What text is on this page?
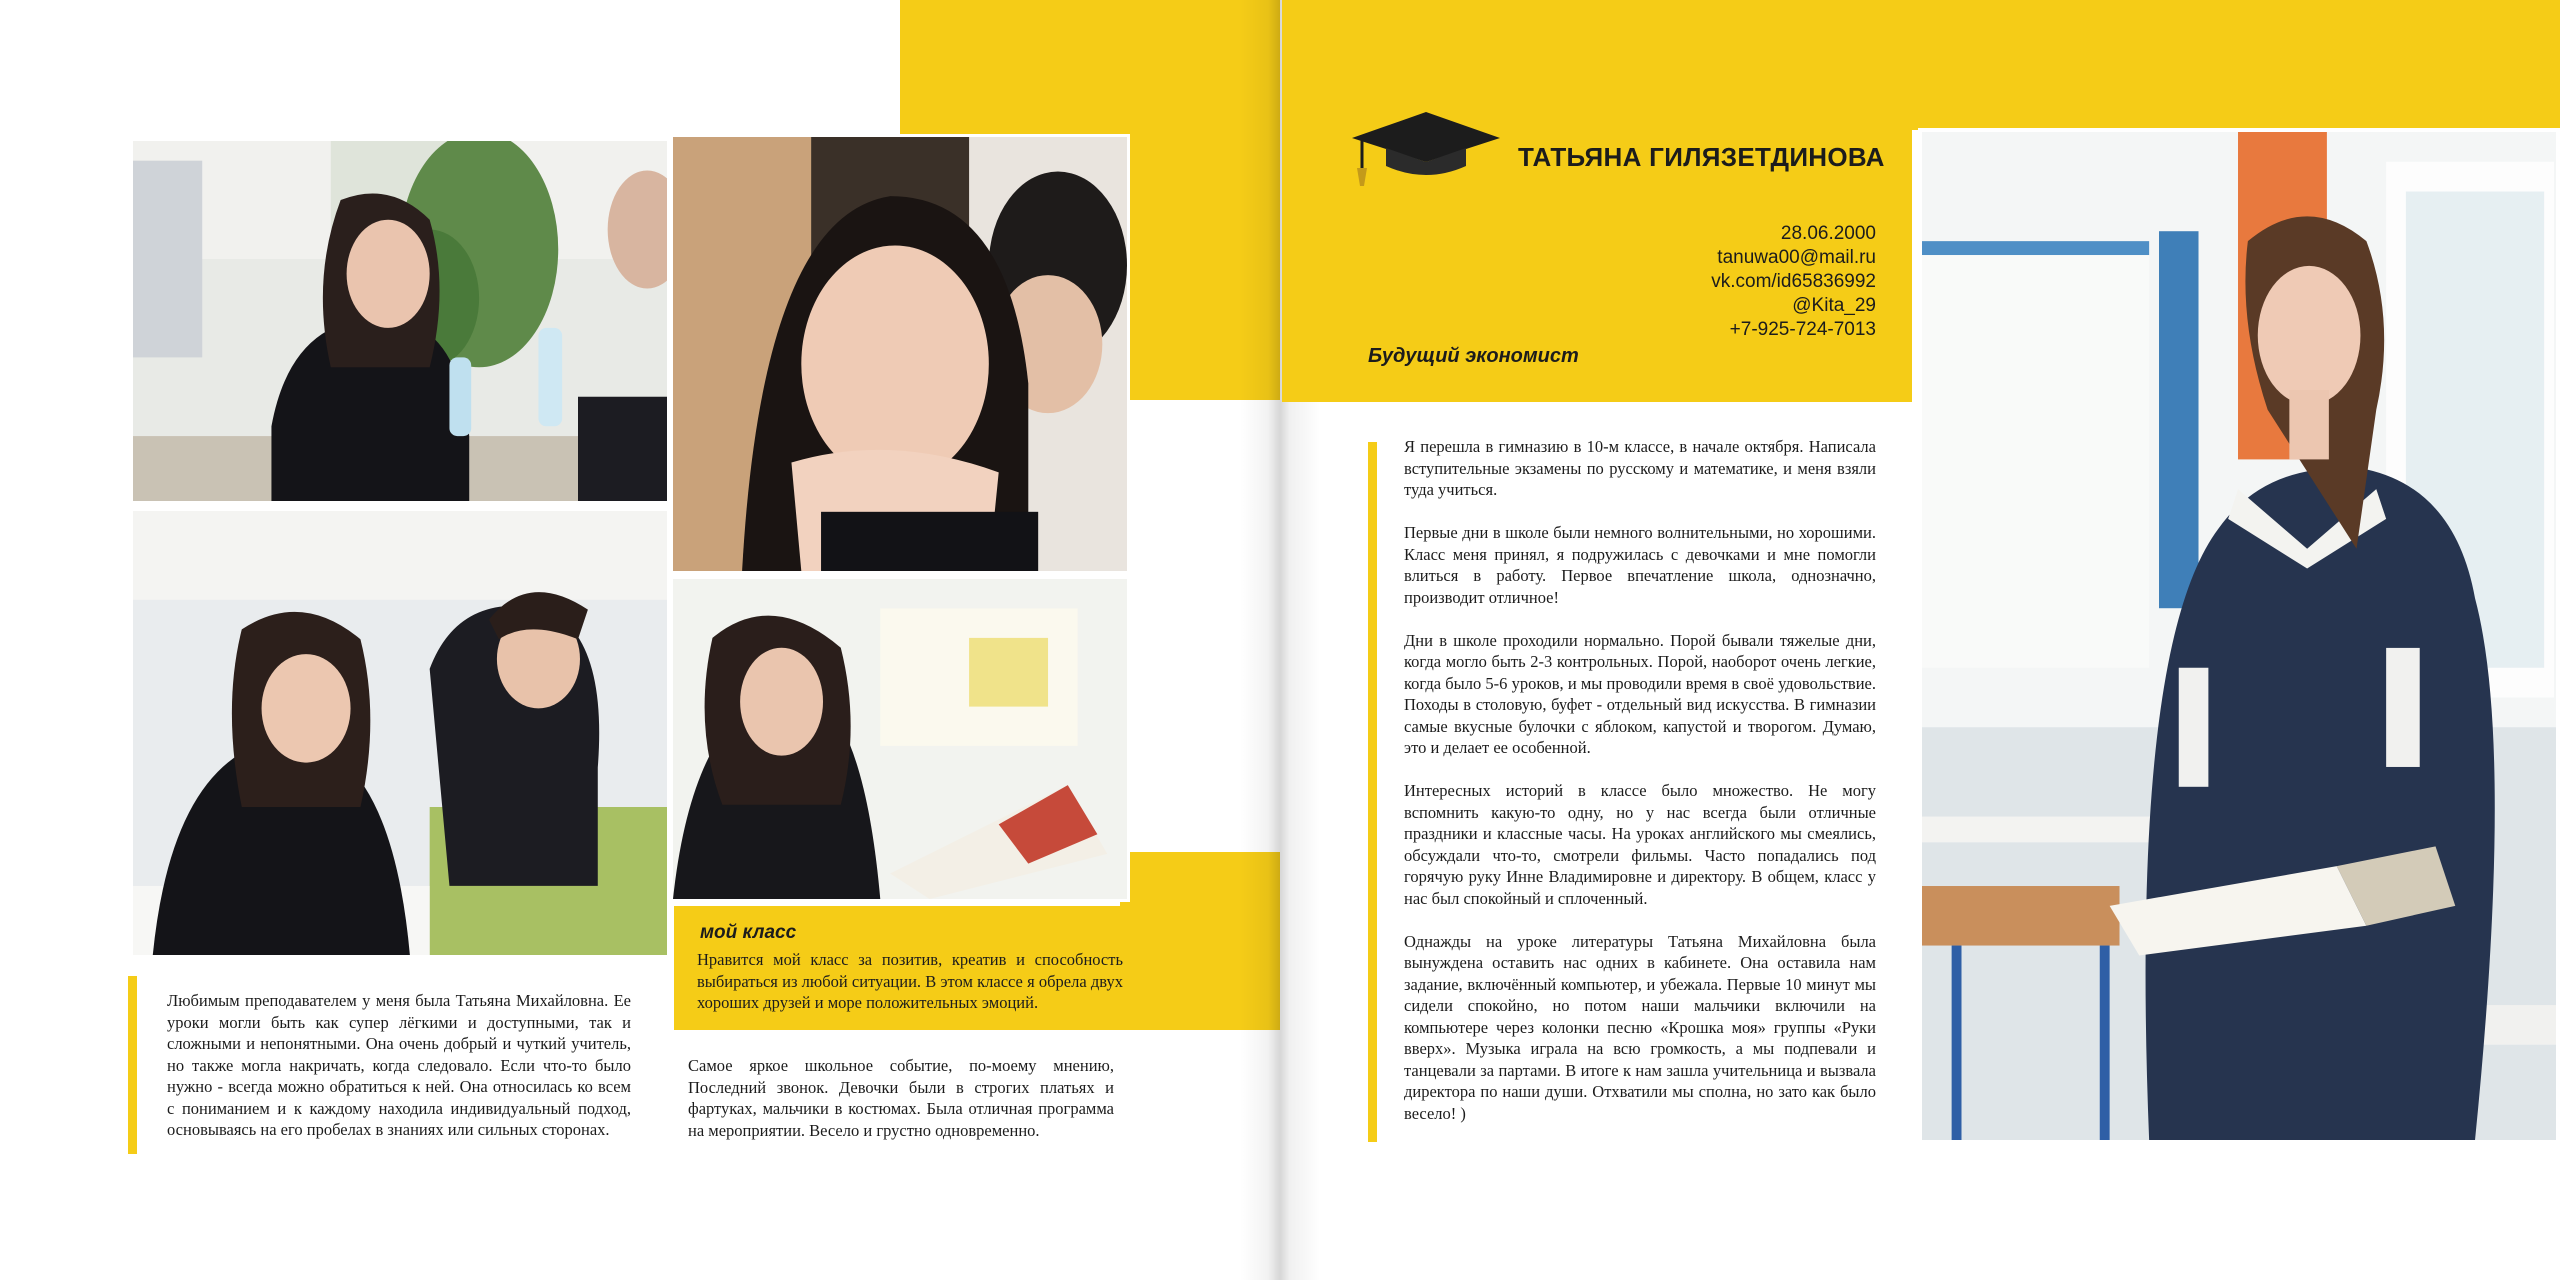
Любимым преподавателем у меня была Татьяна Михайловна. Ее уроки могли быть как супер лёгкими и доступными, так и сложными и непонятными. Она очень добрый и чуткий учитель, но также могла накричать, когда следовало. Если что-то было нужно - всегда можно обратиться к ней. Она относилась ко всем с пониманием и к каждому находила индивидуальный подход, основываясь на его пробелах в знаниях или сильных сторонах.

мой класс

Нравится мой класс за позитив, креатив и способность выбираться из любой ситуации. В этом классе я обрела двух хороших друзей и море положительных эмоций.

Самое яркое школьное событие, по-моему мнению, Последний звонок. Девочки были в строгих платьях и фартуках, мальчики в костюмах. Была отличная программа на мероприятии. Весело и грустно одновременно.

ТАТЬЯНА ГИЛЯЗЕТДИНОВА
28.06.2000
tanuwa00@mail.ru
vk.com/id65836992
@Kita_29
+7-925-724-7013
Будущий экономист

Я перешла в гимназию в 10-м классе, в начале октября. Написала вступительные экзамены по русскому и математике, и меня взяли туда учиться.

Первые дни в школе были немного волнительными, но хорошими. Класс меня принял, я подружилась с девочками и мне помогли влиться в работу. Первое впечатление школа, однозначно, производит отличное!

Дни в школе проходили нормально. Порой бывали тяжелые дни, когда могло быть 2-3 контрольных. Порой, наоборот очень легкие, когда было 5-6 уроков, и мы проводили время в своё удовольствие. Походы в столовую, буфет - отдельный вид искусства. В гимназии самые вкусные булочки с яблоком, капустой и творогом. Думаю, это и делает ее особенной.

Интересных историй в классе было множество. Не могу вспомнить какую-то одну, но у нас всегда были отличные праздники и классные часы. На уроках английского мы смеялись, обсуждали что-то, смотрели фильмы. Часто попадались под горячую руку Инне Владимировне и директору. В общем, класс у нас был спокойный и сплоченный.

Однажды на уроке литературы Татьяна Михайловна была вынуждена оставить нас одних в кабинете. Она оставила нам задание, включённый компьютер, и убежала. Первые 10 минут мы сидели спокойно, но потом наши мальчики включили на компьютере через колонки песню «Крошка моя» группы «Руки вверх». Музыка играла на всю громкость, а мы подпевали и танцевали за партами. В итоге к нам зашла учительница и вызвала директора по наши души. Отхватили мы сполна, но зато как было весело! )
